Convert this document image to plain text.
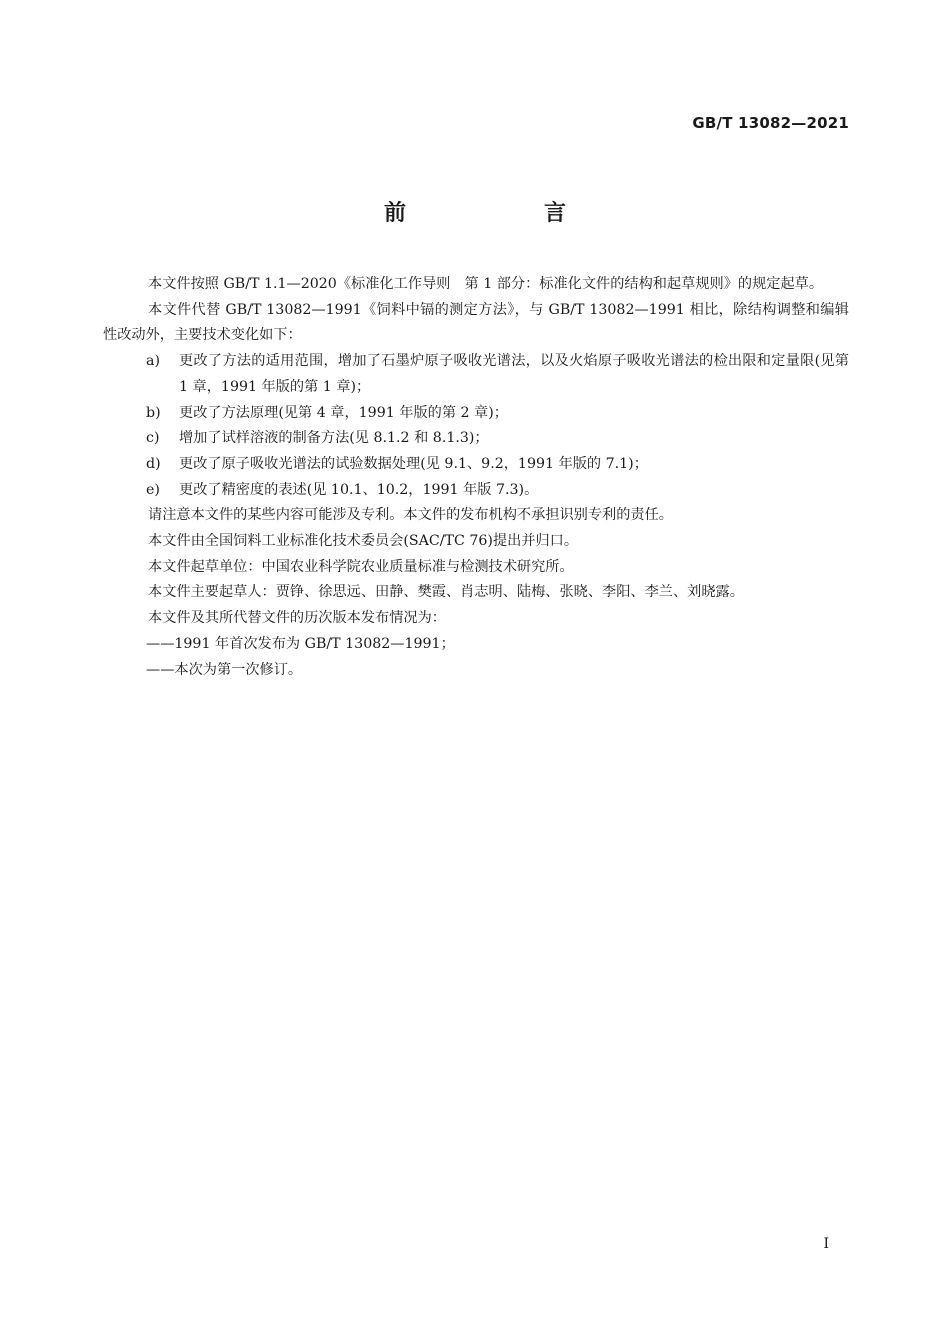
GB/T 13082—2021
前　言

本文件按照 GB/T 1.1—2020《标准化工作导则　第 1 部分：标准化文件的结构和起草规则》的规定起草。

本文件代替 GB/T 13082—1991《饲料中镉的测定方法》，与 GB/T 13082—1991 相比，除结构调整和编辑性改动外，主要技术变化如下：

a)	更改了方法的适用范围，增加了石墨炉原子吸收光谱法，以及火焰原子吸收光谱法的检出限和定量限(见第 1 章，1991 年版的第 1 章)；
b)	更改了方法原理(见第 4 章，1991 年版的第 2 章)；
c)	增加了试样溶液的制备方法(见 8.1.2 和 8.1.3)；
d)	更改了原子吸收光谱法的试验数据处理(见 9.1、9.2，1991 年版的 7.1)；
e)	更改了精密度的表述(见 10.1、10.2，1991 年版 7.3)。

请注意本文件的某些内容可能涉及专利。本文件的发布机构不承担识别专利的责任。

本文件由全国饲料工业标准化技术委员会(SAC/TC 76)提出并归口。

本文件起草单位：中国农业科学院农业质量标准与检测技术研究所。

本文件主要起草人：贾铮、徐思远、田静、樊霞、肖志明、陆梅、张晓、李阳、李兰、刘晓露。

本文件及其所代替文件的历次版本发布情况为：

——1991 年首次发布为 GB/T 13082—1991；

——本次为第一次修订。

I
